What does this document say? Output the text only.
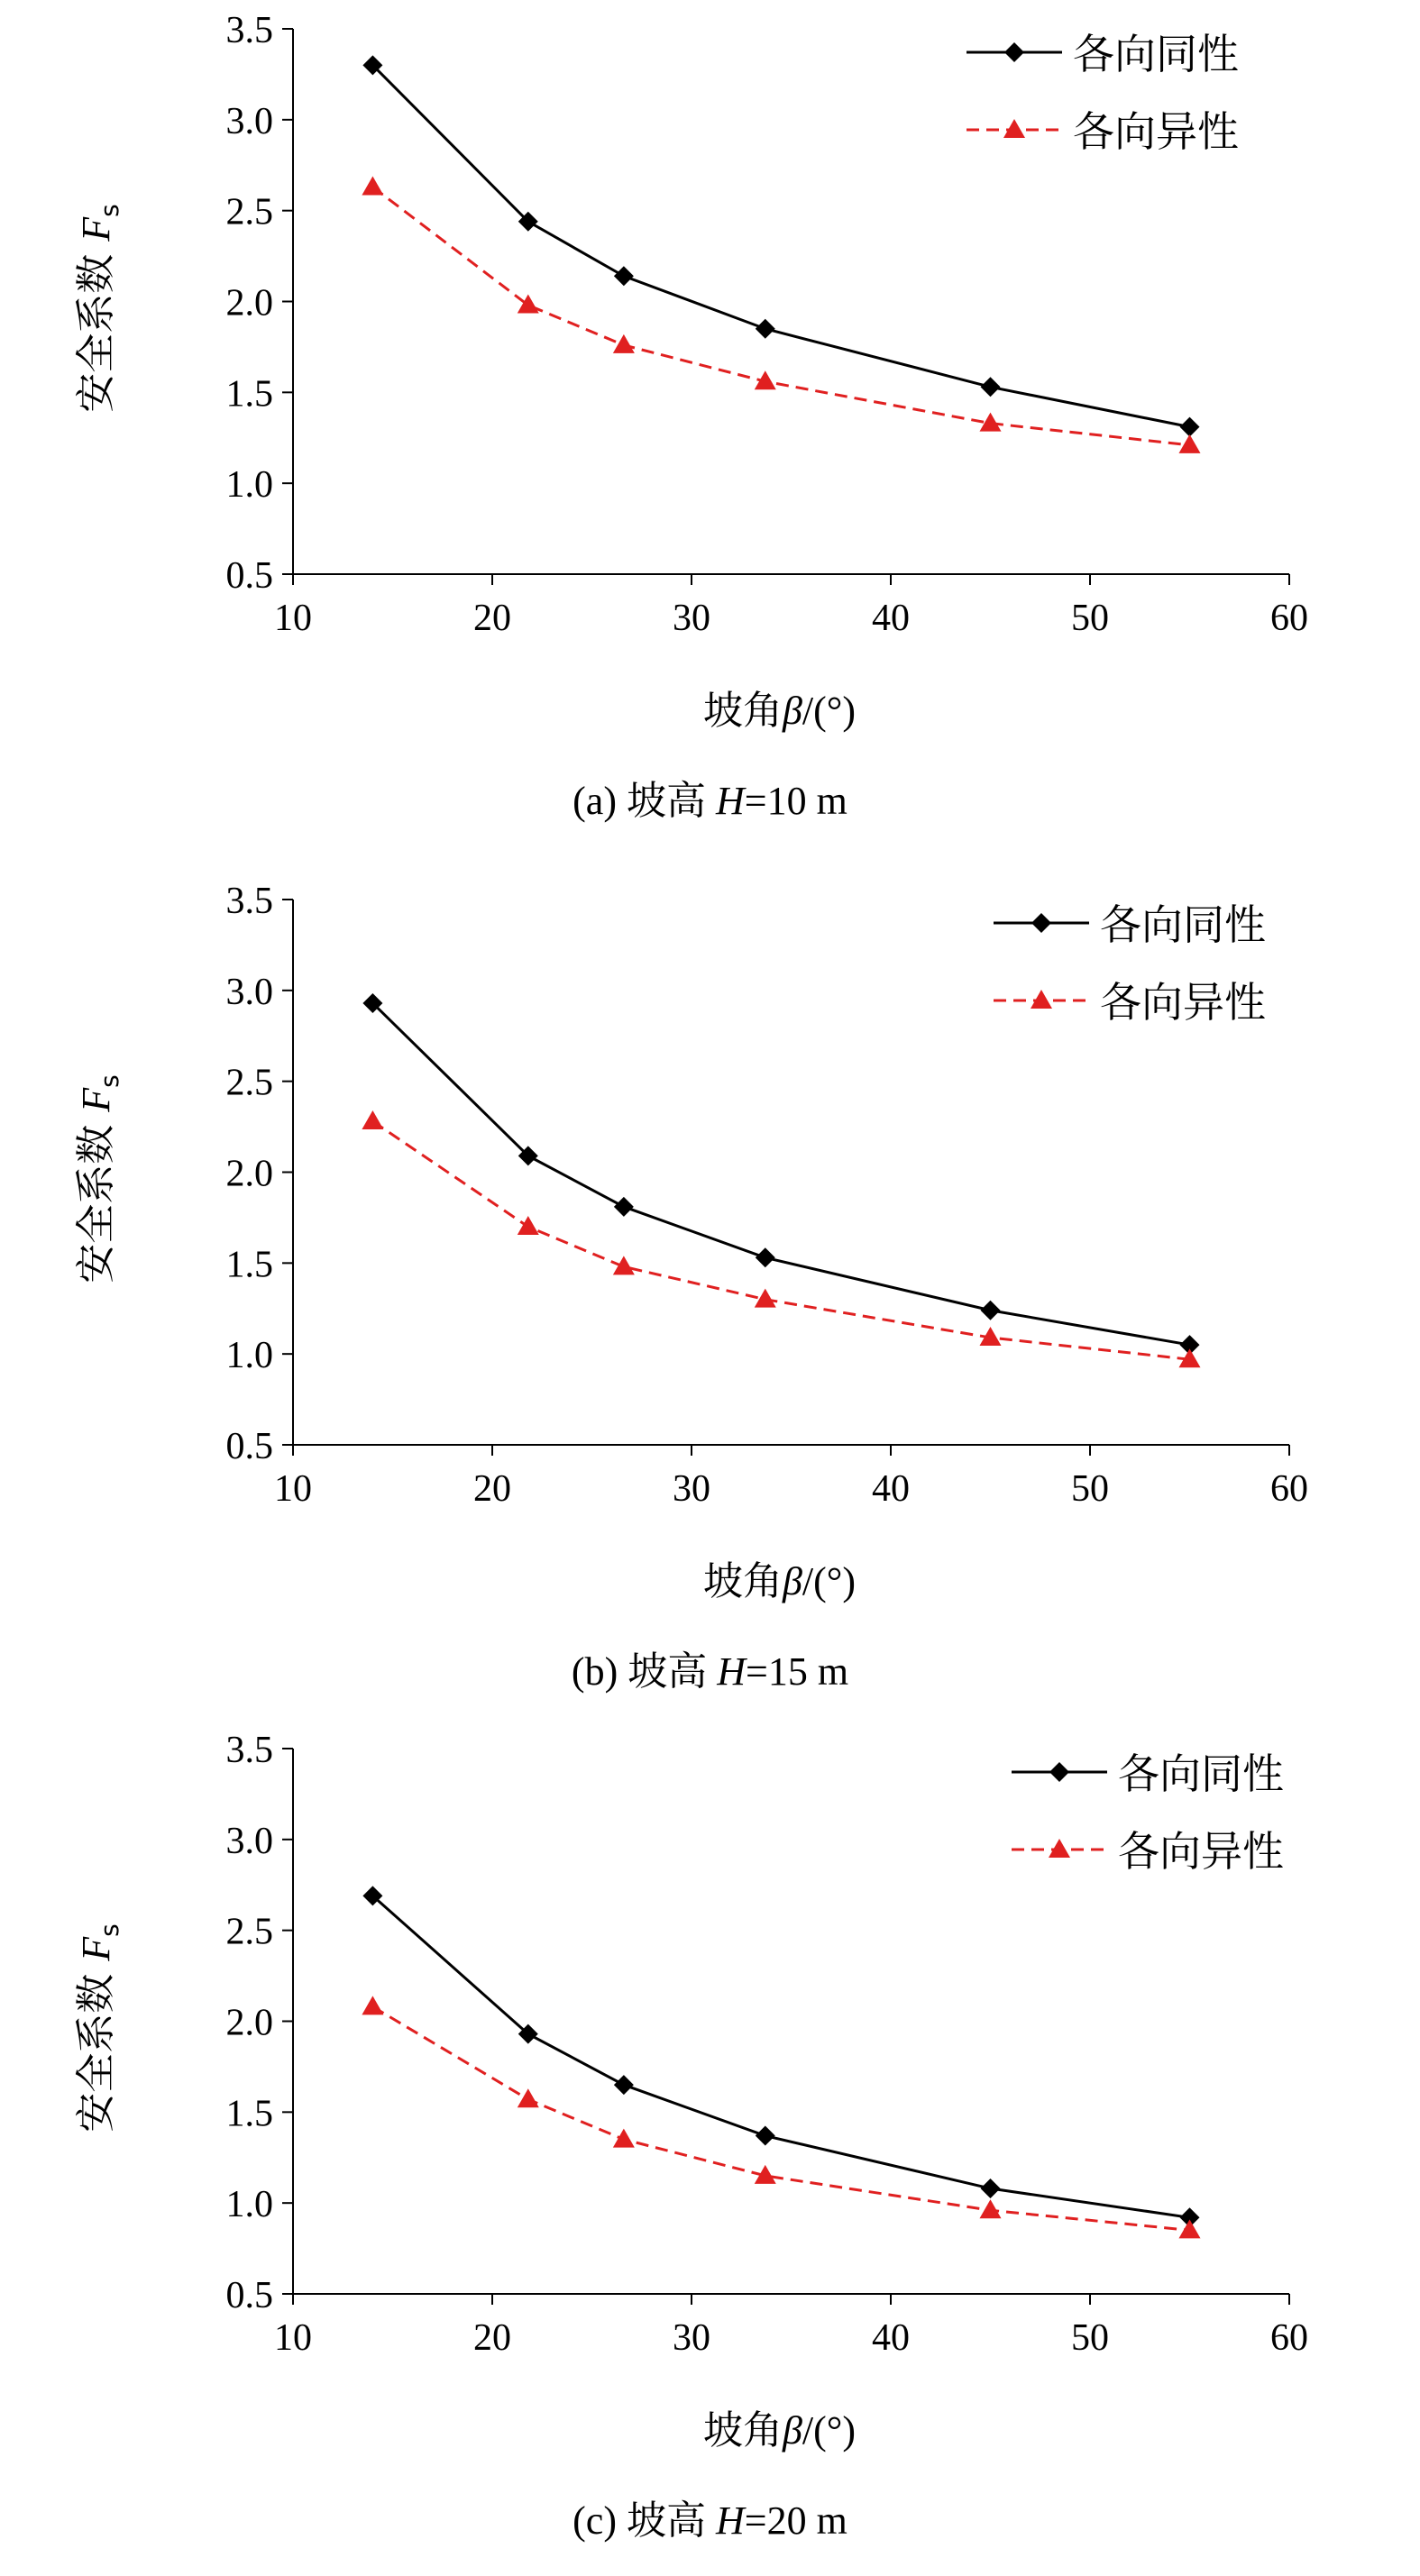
0.5
1.0
1.5
2.0
2.5
3.0
3.5
10	20	30	40	50	60
安全系数$F_s$
坡角β/(°)
(a) 坡高 H=10 m
各向同性
各向异性
0.5
1.0
1.5
2.0
2.5
3.0
3.5
10	20	30	40	50	60
安全系数$F_s$
坡角β/(°)
(b) 坡高 H=15 m
各向同性
各向异性
0.5
1.0
1.5
2.0
2.5
3.0
3.5
10	20	30	40	50	60
安全系数$F_s$
坡角β/(°)
(c) 坡高 H=20 m
各向同性
各向异性
